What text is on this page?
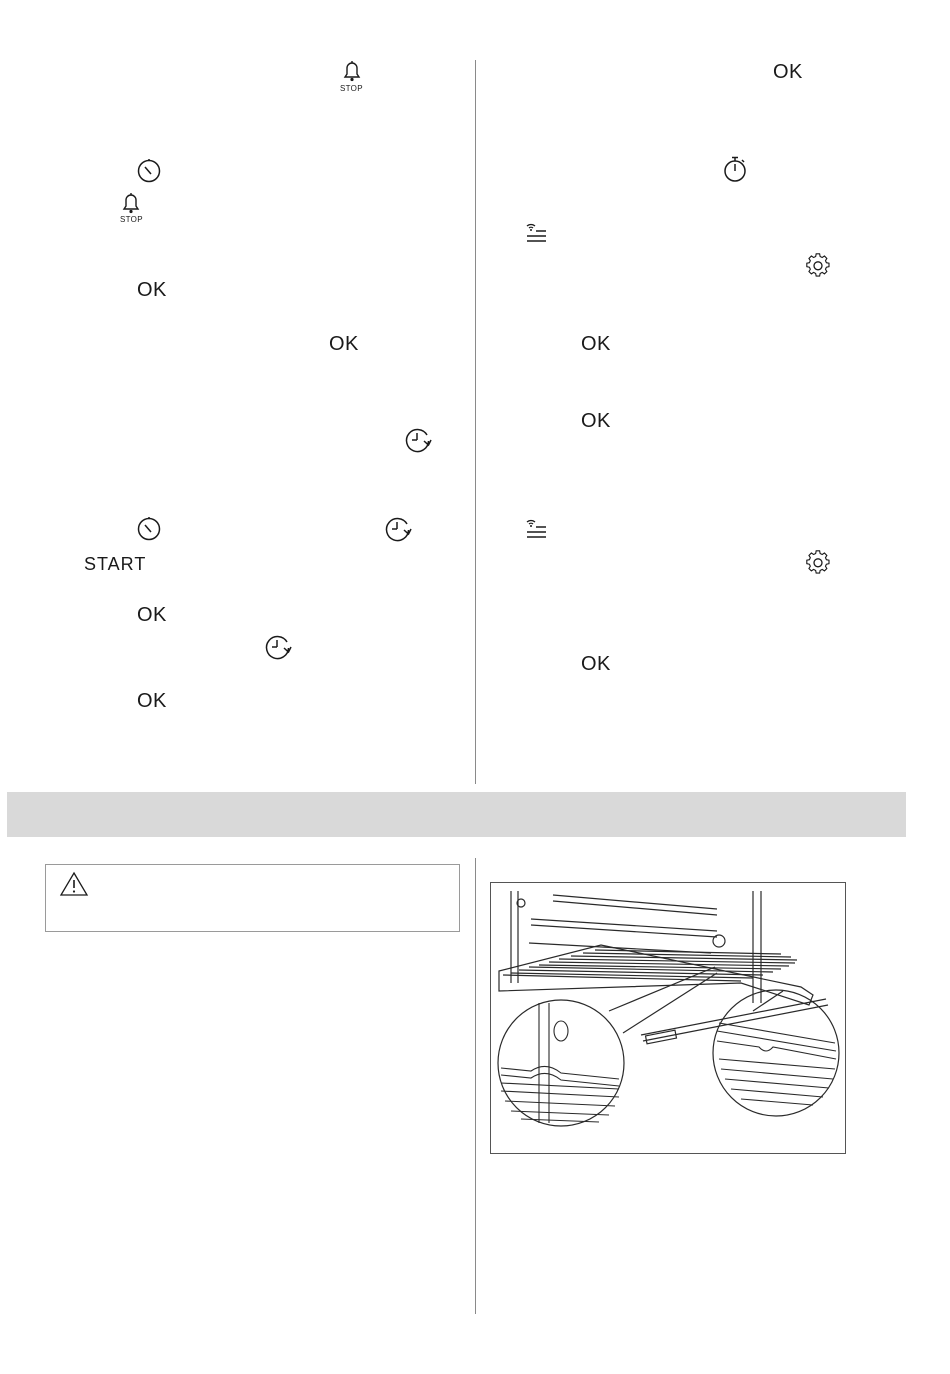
STOP
STOP
OK
OK
START
OK
OK
OK
OK
OK
OK
